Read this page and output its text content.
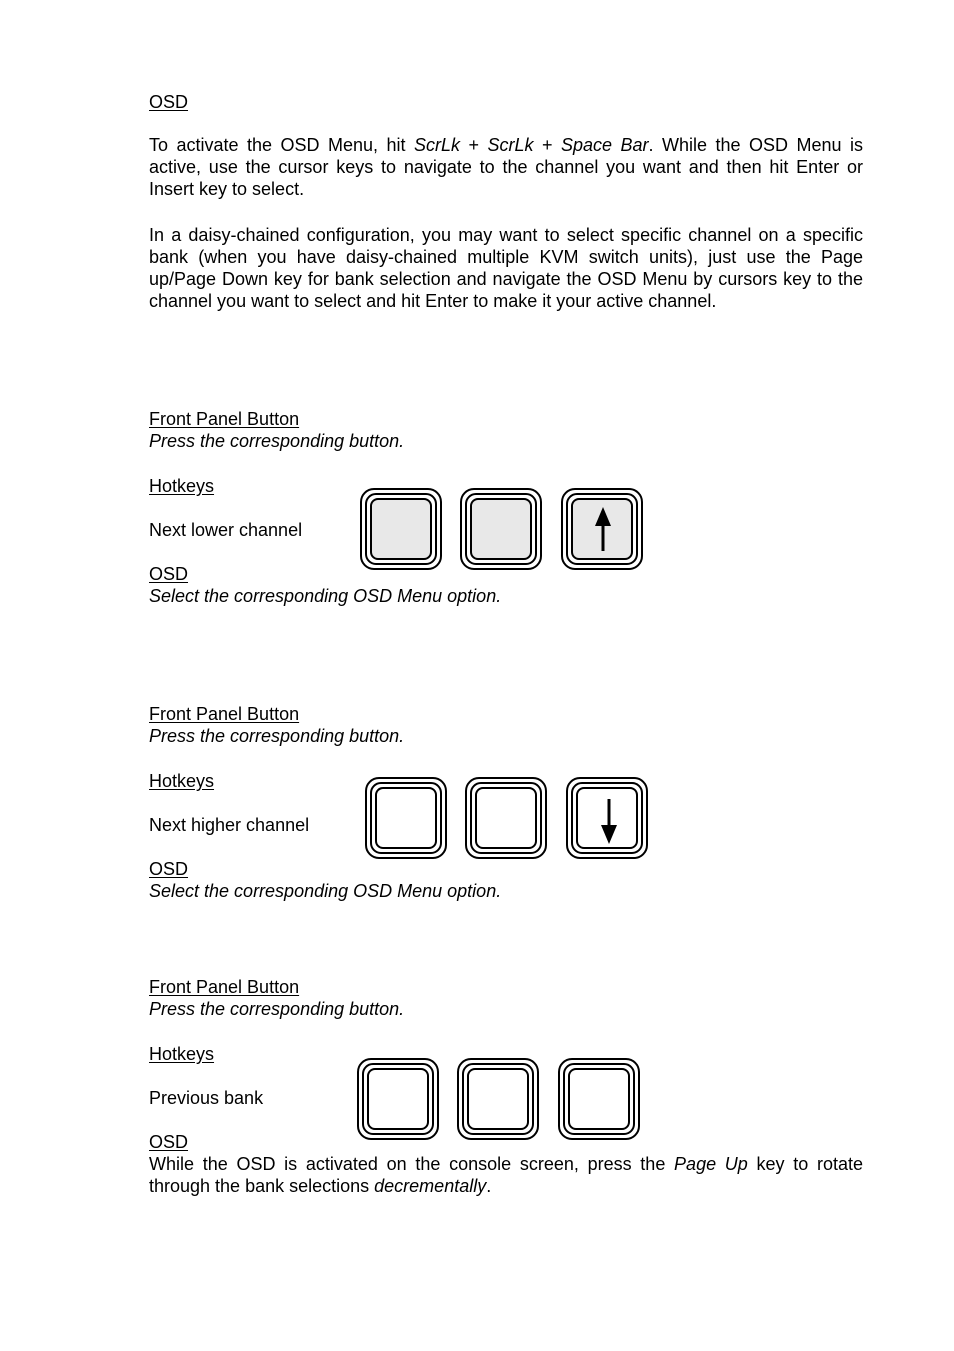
OSD
To activate the OSD Menu, hit ScrLk + ScrLk + Space Bar. While the OSD Menu is active, use the cursor keys to navigate to the channel you want and then hit Enter or Insert key to select.
In a daisy-chained configuration, you may want to select specific channel on a specific bank (when you have daisy-chained multiple KVM switch units), just use the Page up/Page Down key for bank selection and navigate the OSD Menu by cursors key to the channel you want to select and hit Enter to make it your active channel.
Front Panel Button
Press the corresponding button.
Hotkeys
Next lower channel
OSD
Select the corresponding OSD Menu option.
Front Panel Button
Press the corresponding button.
Hotkeys
Next higher channel
OSD
Select the corresponding OSD Menu option.
Front Panel Button
Press the corresponding button.
Hotkeys
Previous bank
OSD
While the OSD is activated on the console screen, press the Page Up key to rotate through the bank selections decrementally.
